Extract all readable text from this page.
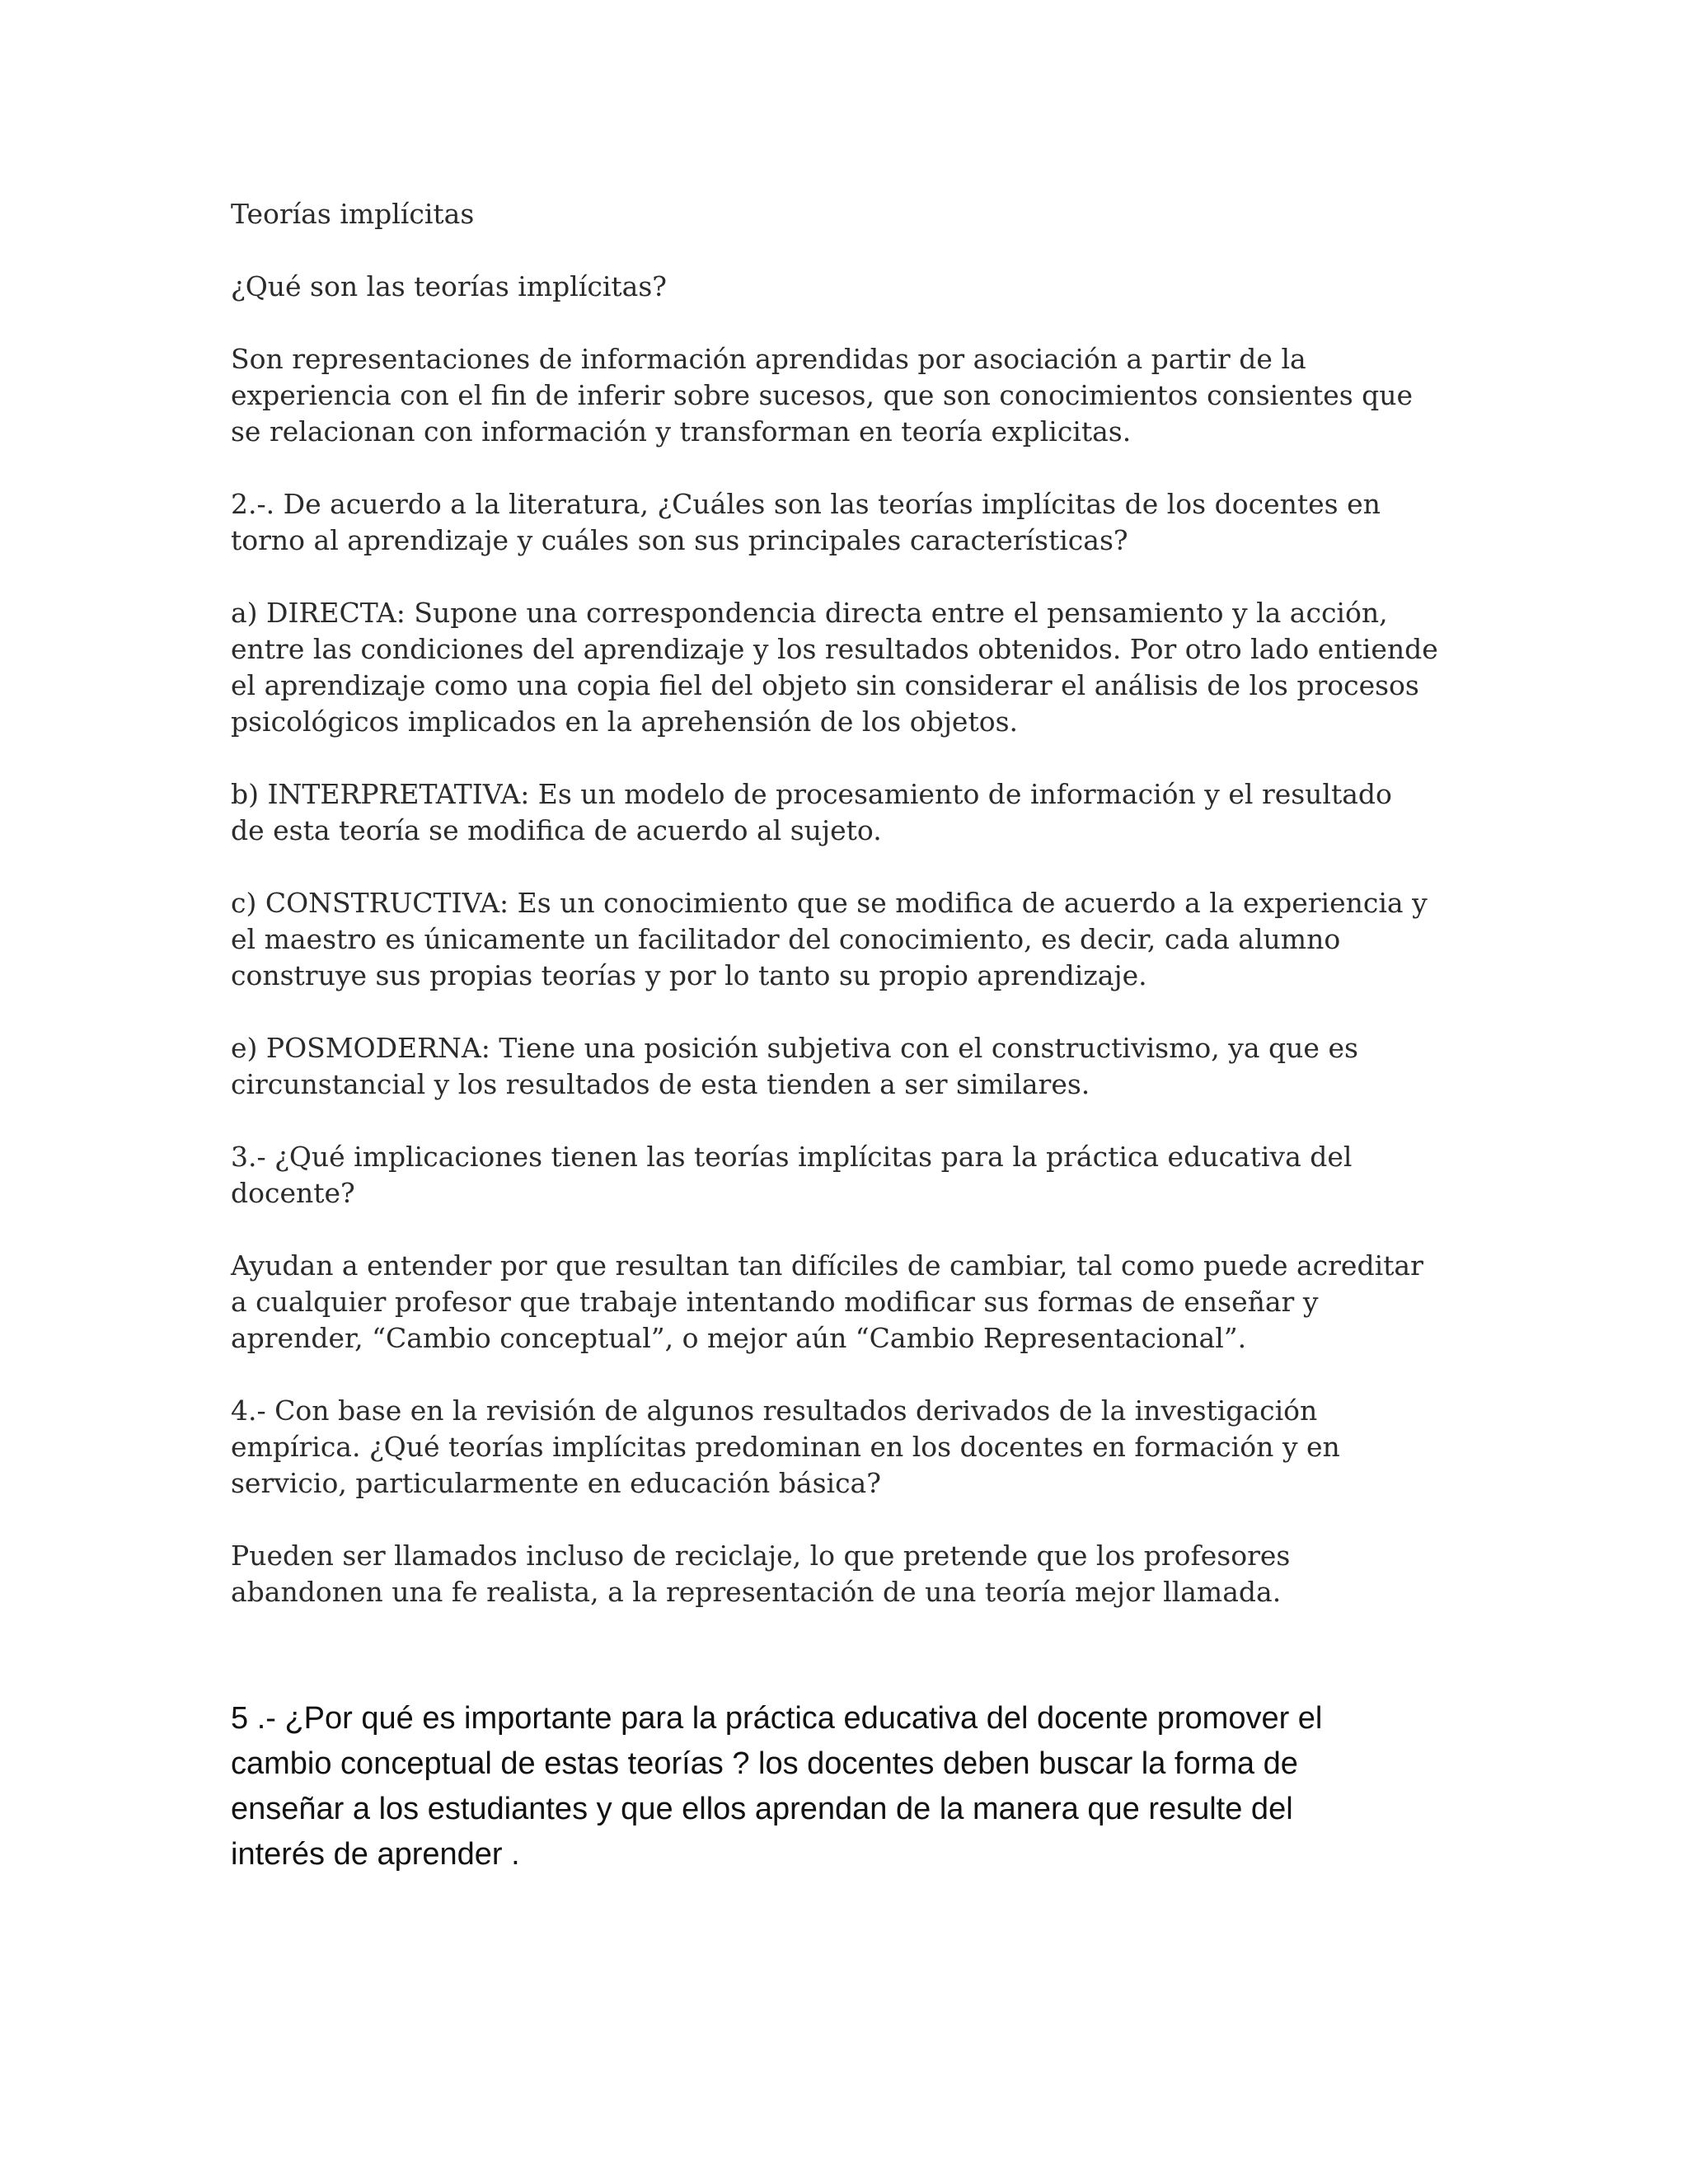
Teorías implícitas

¿Qué son las teorías implícitas?

Son representaciones de información aprendidas por asociación a partir de la
experiencia con el fin de inferir sobre sucesos, que son conocimientos consientes que
se relacionan con información y transforman en teoría explicitas.

2.-. De acuerdo a la literatura, ¿Cuáles son las teorías implícitas de los docentes en
torno al aprendizaje y cuáles son sus principales características?

a) DIRECTA: Supone una correspondencia directa entre el pensamiento y la acción,
entre las condiciones del aprendizaje y los resultados obtenidos. Por otro lado entiende
el aprendizaje como una copia fiel del objeto sin considerar el análisis de los procesos
psicológicos implicados en la aprehensión de los objetos.

b) INTERPRETATIVA: Es un modelo de procesamiento de información y el resultado
de esta teoría se modifica de acuerdo al sujeto.

c) CONSTRUCTIVA: Es un conocimiento que se modifica de acuerdo a la experiencia y
el maestro es únicamente un facilitador del conocimiento, es decir, cada alumno
construye sus propias teorías y por lo tanto su propio aprendizaje.

e) POSMODERNA: Tiene una posición subjetiva con el constructivismo, ya que es
circunstancial y los resultados de esta tienden a ser similares.

3.- ¿Qué implicaciones tienen las teorías implícitas para la práctica educativa del
docente?

Ayudan a entender por que resultan tan difíciles de cambiar, tal como puede acreditar
a cualquier profesor que trabaje intentando modificar sus formas de enseñar y
aprender, “Cambio conceptual”, o mejor aún “Cambio Representacional”.

4.- Con base en la revisión de algunos resultados derivados de la investigación
empírica. ¿Qué teorías implícitas predominan en los docentes en formación y en
servicio, particularmente en educación básica?

Pueden ser llamados incluso de reciclaje, lo que pretende que los profesores
abandonen una fe realista, a la representación de una teoría mejor llamada.

5 .- ¿Por qué es importante para la práctica educativa del docente promover el
cambio conceptual de estas teorías ? los docentes deben buscar la forma de
enseñar a los estudiantes y que ellos aprendan de la manera que resulte del
interés de aprender .
